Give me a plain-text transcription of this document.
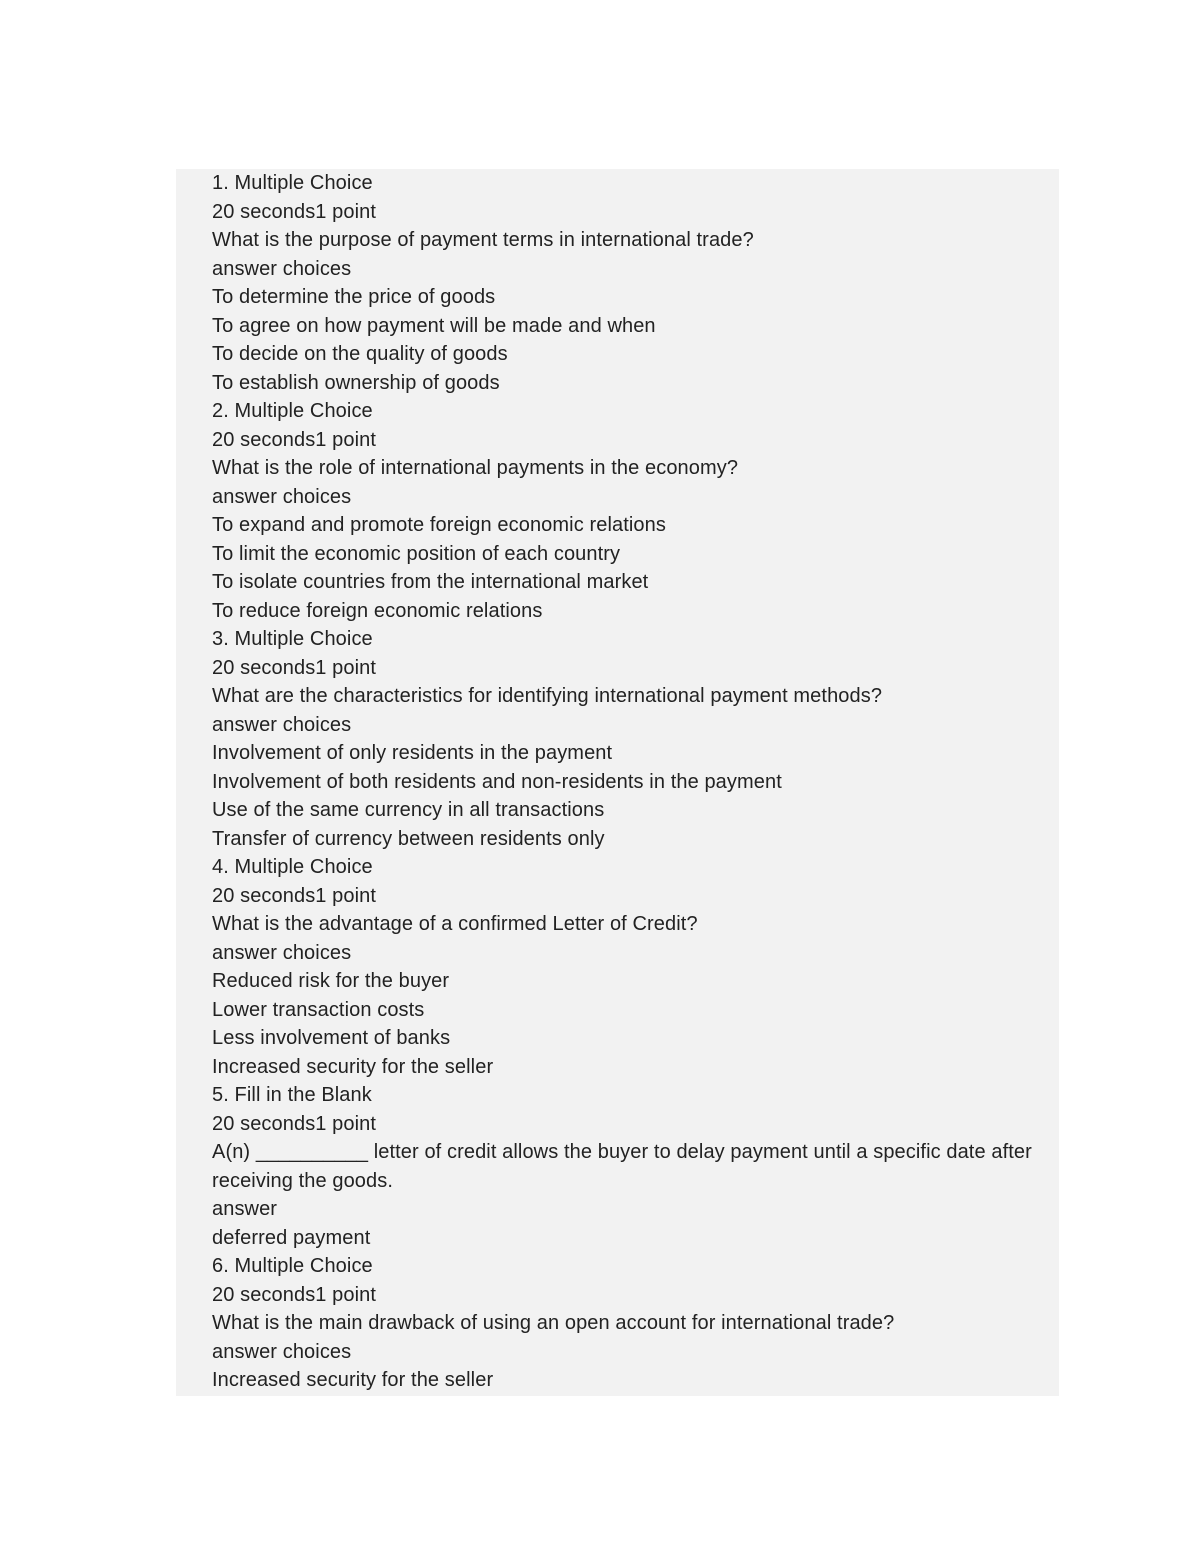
1. Multiple Choice
20 seconds1 point
What is the purpose of payment terms in international trade?
answer choices
To determine the price of goods
To agree on how payment will be made and when
To decide on the quality of goods
To establish ownership of goods
2. Multiple Choice
20 seconds1 point
What is the role of international payments in the economy?
answer choices
To expand and promote foreign economic relations
To limit the economic position of each country
To isolate countries from the international market
To reduce foreign economic relations
3. Multiple Choice
20 seconds1 point
What are the characteristics for identifying international payment methods?
answer choices
Involvement of only residents in the payment
Involvement of both residents and non-residents in the payment
Use of the same currency in all transactions
Transfer of currency between residents only
4. Multiple Choice
20 seconds1 point
What is the advantage of a confirmed Letter of Credit?
answer choices
Reduced risk for the buyer
Lower transaction costs
Less involvement of banks
Increased security for the seller
5. Fill in the Blank
20 seconds1 point
A(n) __________ letter of credit allows the buyer to delay payment until a specific date after receiving the goods.
answer
deferred payment
6. Multiple Choice
20 seconds1 point
What is the main drawback of using an open account for international trade?
answer choices
Increased security for the seller
